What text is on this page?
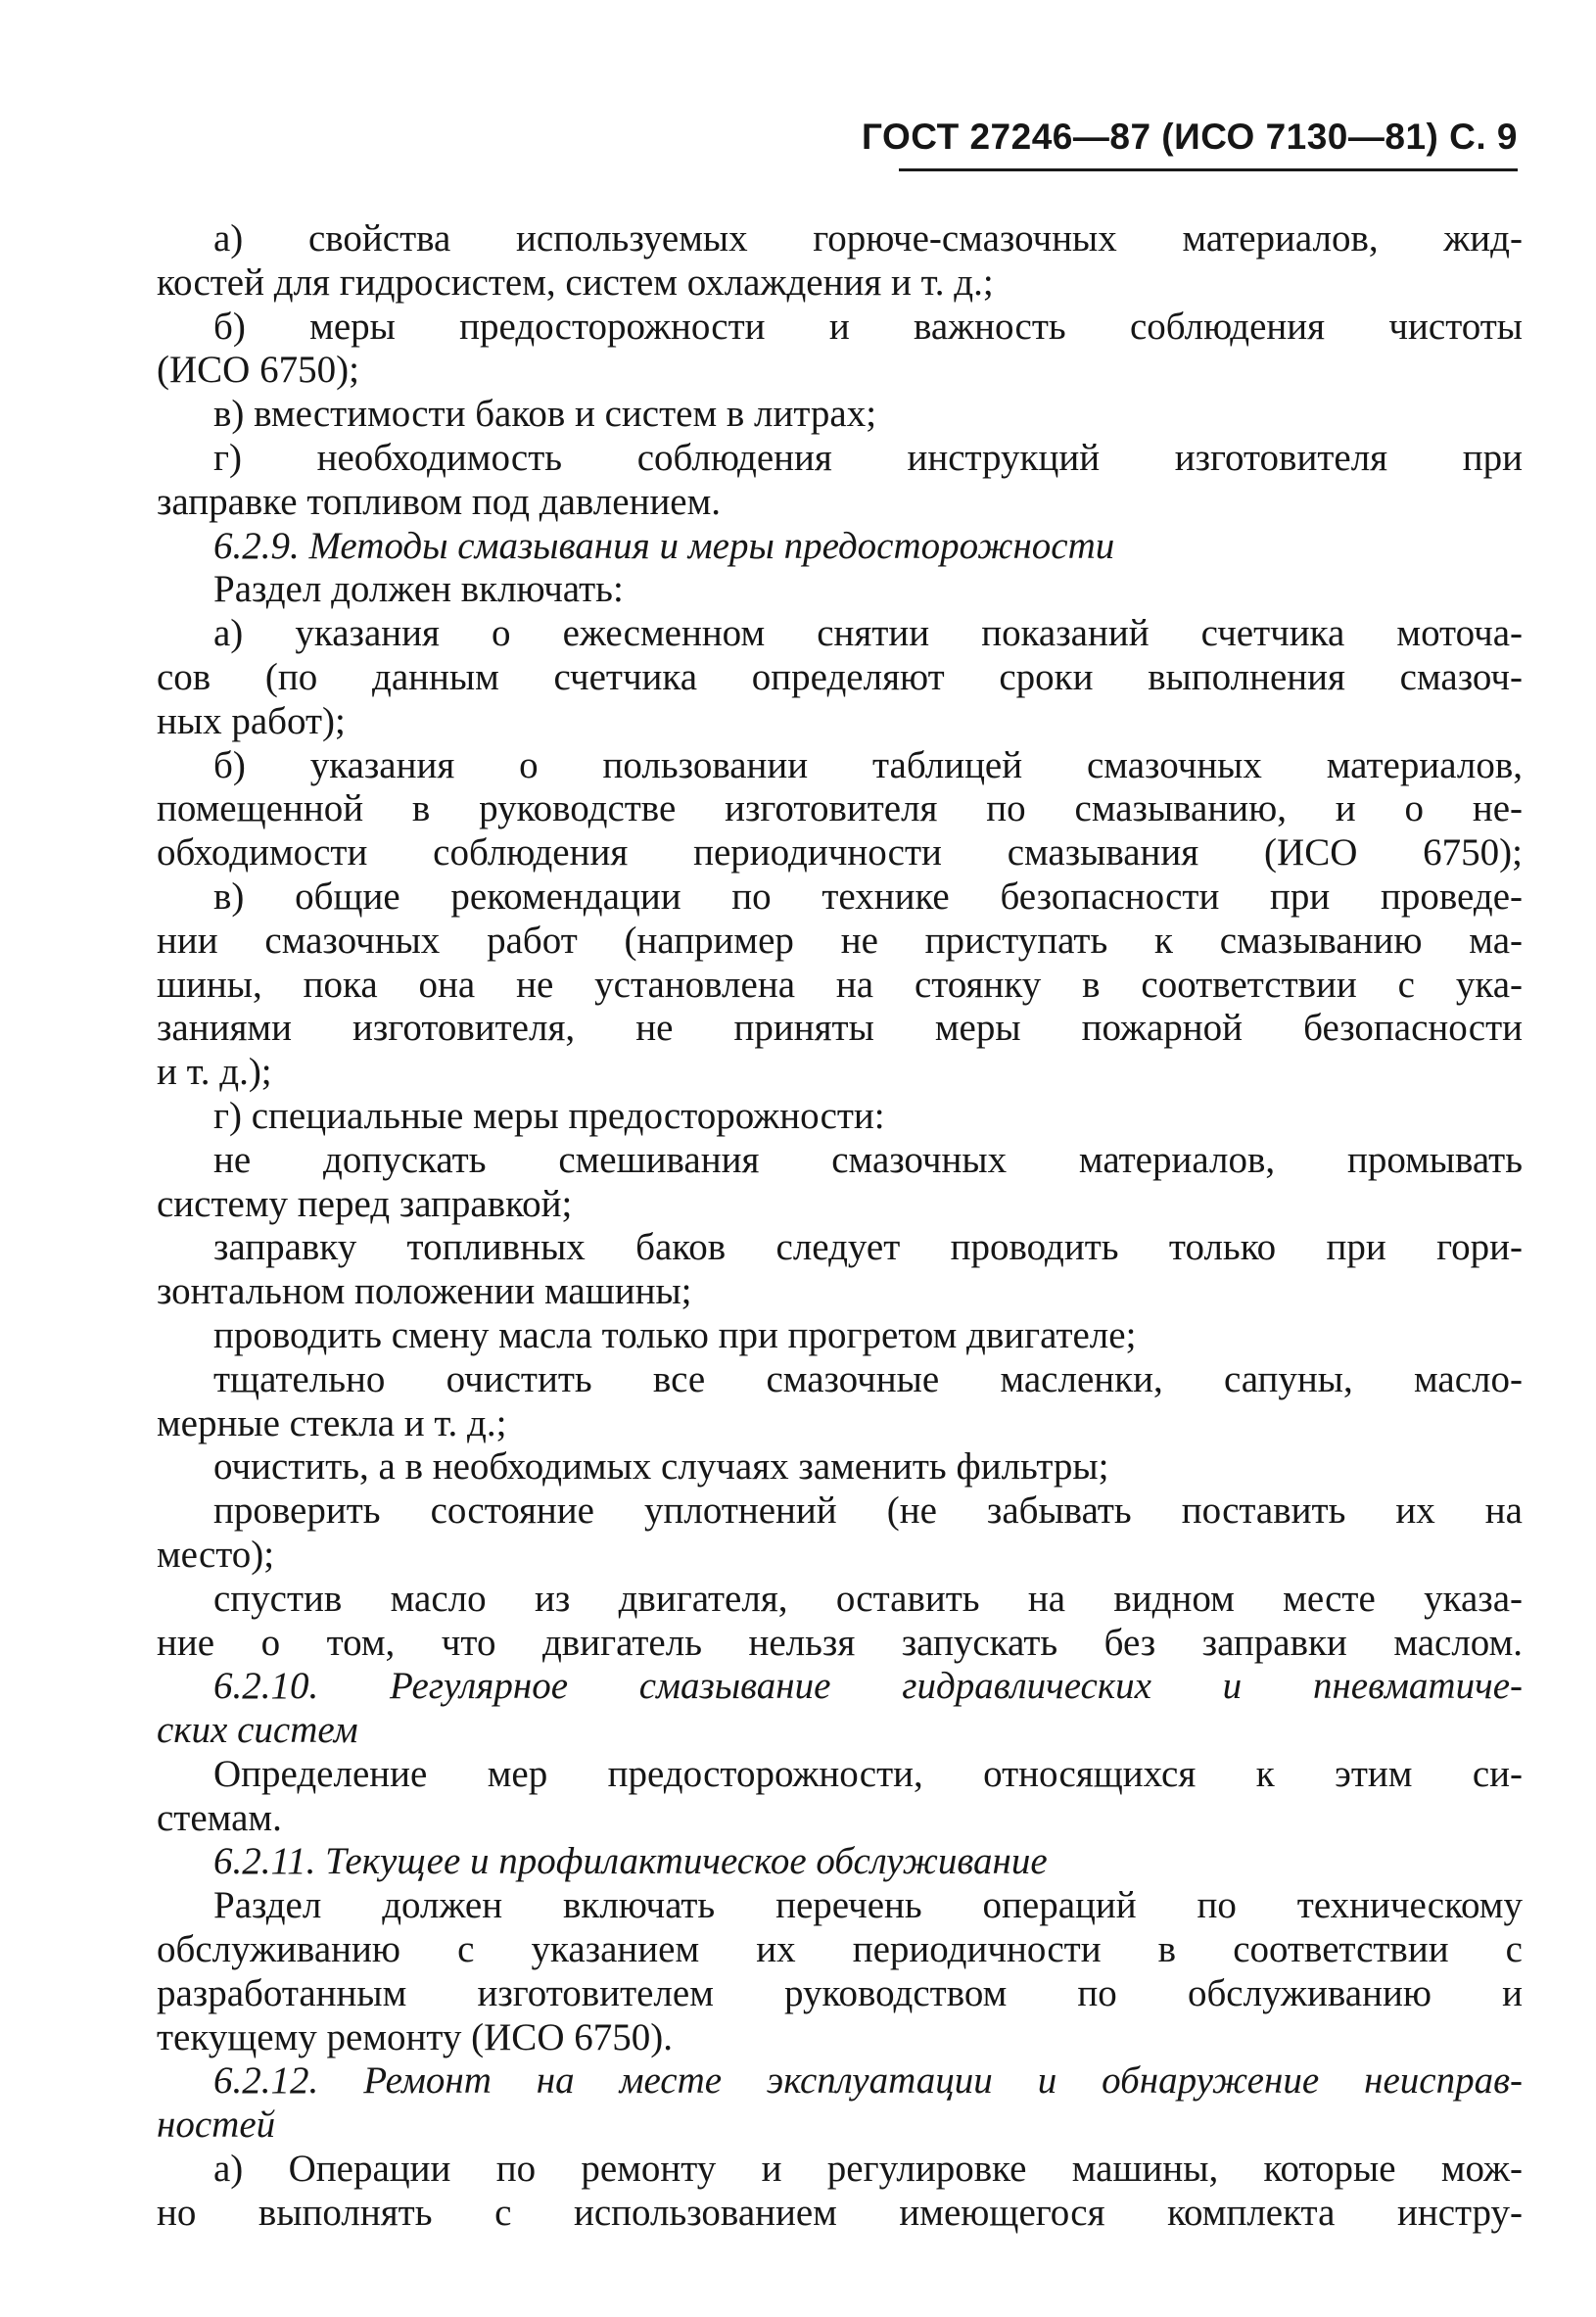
ГОСТ 27246—87 (ИСО 7130—81) С. 9
а) свойства используемых горюче-смазочных материалов, жид-
костей для гидросистем, систем охлаждения и т. д.;
б) меры предосторожности и важность соблюдения чистоты
(ИСО 6750);
в) вместимости баков и систем в литрах;
г) необходимость соблюдения инструкций изготовителя при
заправке топливом под давлением.
6.2.9. Методы смазывания и меры предосторожности
Раздел должен включать:
а) указания о ежесменном снятии показаний счетчика моточа-
сов (по данным счетчика определяют сроки выполнения смазоч-
ных работ);
б) указания о пользовании таблицей смазочных материалов,
помещенной в руководстве изготовителя по смазыванию, и о не-
обходимости соблюдения периодичности смазывания (ИСО 6750);
в) общие рекомендации по технике безопасности при проведе-
нии смазочных работ (например не приступать к смазыванию ма-
шины, пока она не установлена на стоянку в соответствии с ука-
заниями изготовителя, не приняты меры пожарной безопасности
и т. д.);
г) специальные меры предосторожности:
не допускать смешивания смазочных материалов, промывать
систему перед заправкой;
заправку топливных баков следует проводить только при гори-
зонтальном положении машины;
проводить смену масла только при прогретом двигателе;
тщательно очистить все смазочные масленки, сапуны, масло-
мерные стекла и т. д.;
очистить, а в необходимых случаях заменить фильтры;
проверить состояние уплотнений (не забывать поставить их на
место);
спустив масло из двигателя, оставить на видном месте указа-
ние о том, что двигатель нельзя запускать без заправки маслом.
6.2.10. Регулярное смазывание гидравлических и пневматиче-
ских систем
Определение мер предосторожности, относящихся к этим си-
стемам.
6.2.11. Текущее и профилактическое обслуживание
Раздел должен включать перечень операций по техническому
обслуживанию с указанием их периодичности в соответствии с
разработанным изготовителем руководством по обслуживанию и
текущему ремонту (ИСО 6750).
6.2.12. Ремонт на месте эксплуатации и обнаружение неисправ-
ностей
а) Операции по ремонту и регулировке машины, которые мож-
но выполнять с использованием имеющегося комплекта инстру-
